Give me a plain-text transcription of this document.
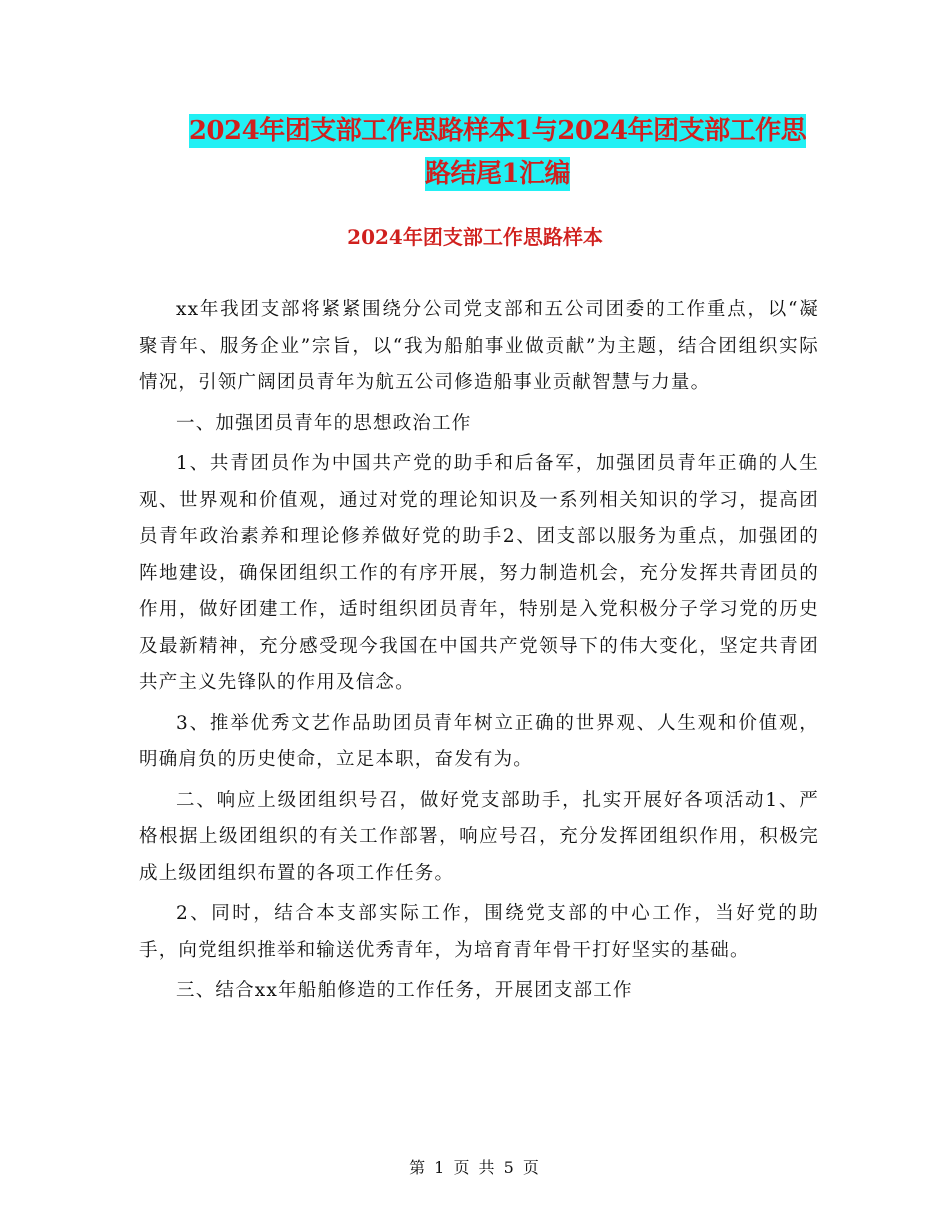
2024年团支部工作思路样本1与2024年团支部工作思
路结尾1汇编
2024年团支部工作思路样本

xx年我团支部将紧紧围绕分公司党支部和五公司团委的工作重点，以“凝聚青年、服务企业”宗旨，以“我为船舶事业做贡献”为主题，结合团组织实际情况，引领广阔团员青年为航五公司修造船事业贡献智慧与力量。

一、加强团员青年的思想政治工作

1、共青团员作为中国共产党的助手和后备军，加强团员青年正确的人生观、世界观和价值观，通过对党的理论知识及一系列相关知识的学习，提高团员青年政治素养和理论修养做好党的助手2、团支部以服务为重点，加强团的阵地建设，确保团组织工作的有序开展，努力制造机会，充分发挥共青团员的作用，做好团建工作，适时组织团员青年，特别是入党积极分子学习党的历史及最新精神，充分感受现今我国在中国共产党领导下的伟大变化，坚定共青团共产主义先锋队的作用及信念。

3、推举优秀文艺作品助团员青年树立正确的世界观、人生观和价值观，明确肩负的历史使命，立足本职，奋发有为。

二、响应上级团组织号召，做好党支部助手，扎实开展好各项活动1、严格根据上级团组织的有关工作部署，响应号召，充分发挥团组织作用，积极完成上级团组织布置的各项工作任务。

2、同时，结合本支部实际工作，围绕党支部的中心工作，当好党的助手，向党组织推举和输送优秀青年，为培育青年骨干打好坚实的基础。

三、结合xx年船舶修造的工作任务，开展团支部工作

第 1 页 共 5 页
